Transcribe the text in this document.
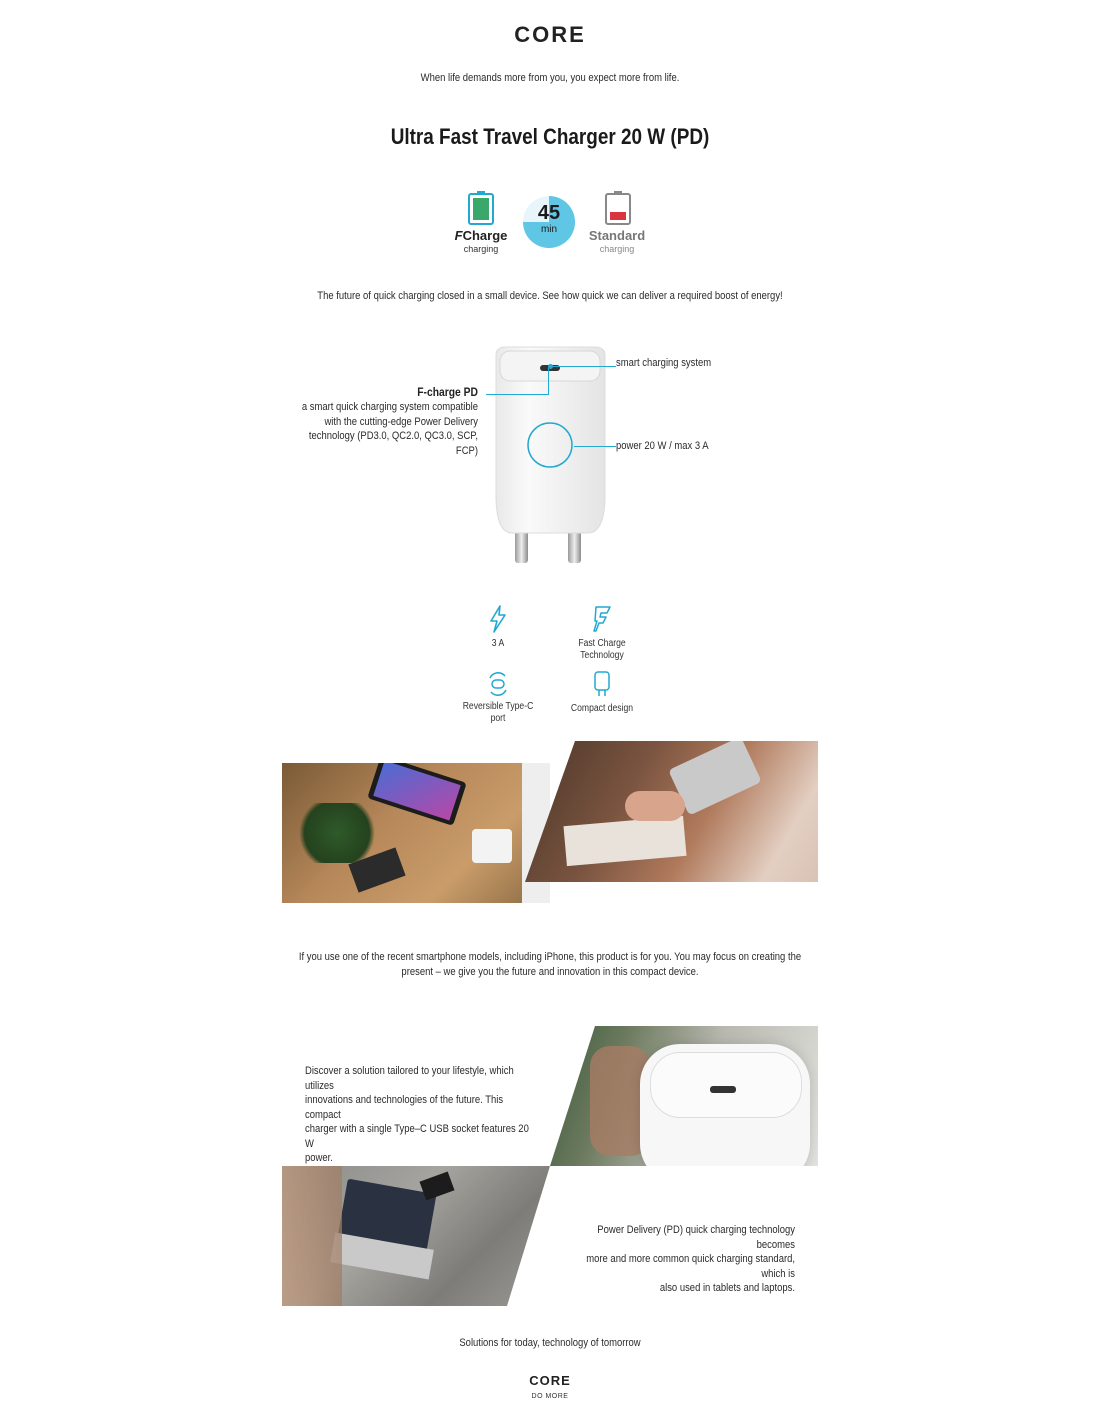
CORE
When life demands more from you, you expect more from life.
Ultra Fast Travel Charger 20 W (PD)
FCharge
charging
45
min	Standard
charging
The future of quick charging closed in a small device. See how quick we can deliver a required boost of energy!
smart charging system
power 20 W / max 3 A
F-charge PD
a smart quick charging system compatible
with the cutting-edge Power Delivery
technology (PD3.0, QC2.0, QC3.0, SCP, FCP)
3 A	Fast Charge
Technology
Reversible Type-C
port
Compact design
If you use one of the recent smartphone models, including iPhone, this product is for you. You may focus on creating the
present – we give you the future and innovation in this compact device.
Discover a solution tailored to your lifestyle, which utilizes
innovations and technologies of the future. This compact
charger with a single Type–C USB socket features 20 W
power.
Power Delivery (PD) quick charging technology becomes
more and more common quick charging standard, which is
also used in tablets and laptops.
Solutions for today, technology of tomorrow
CORE
DO MORE
